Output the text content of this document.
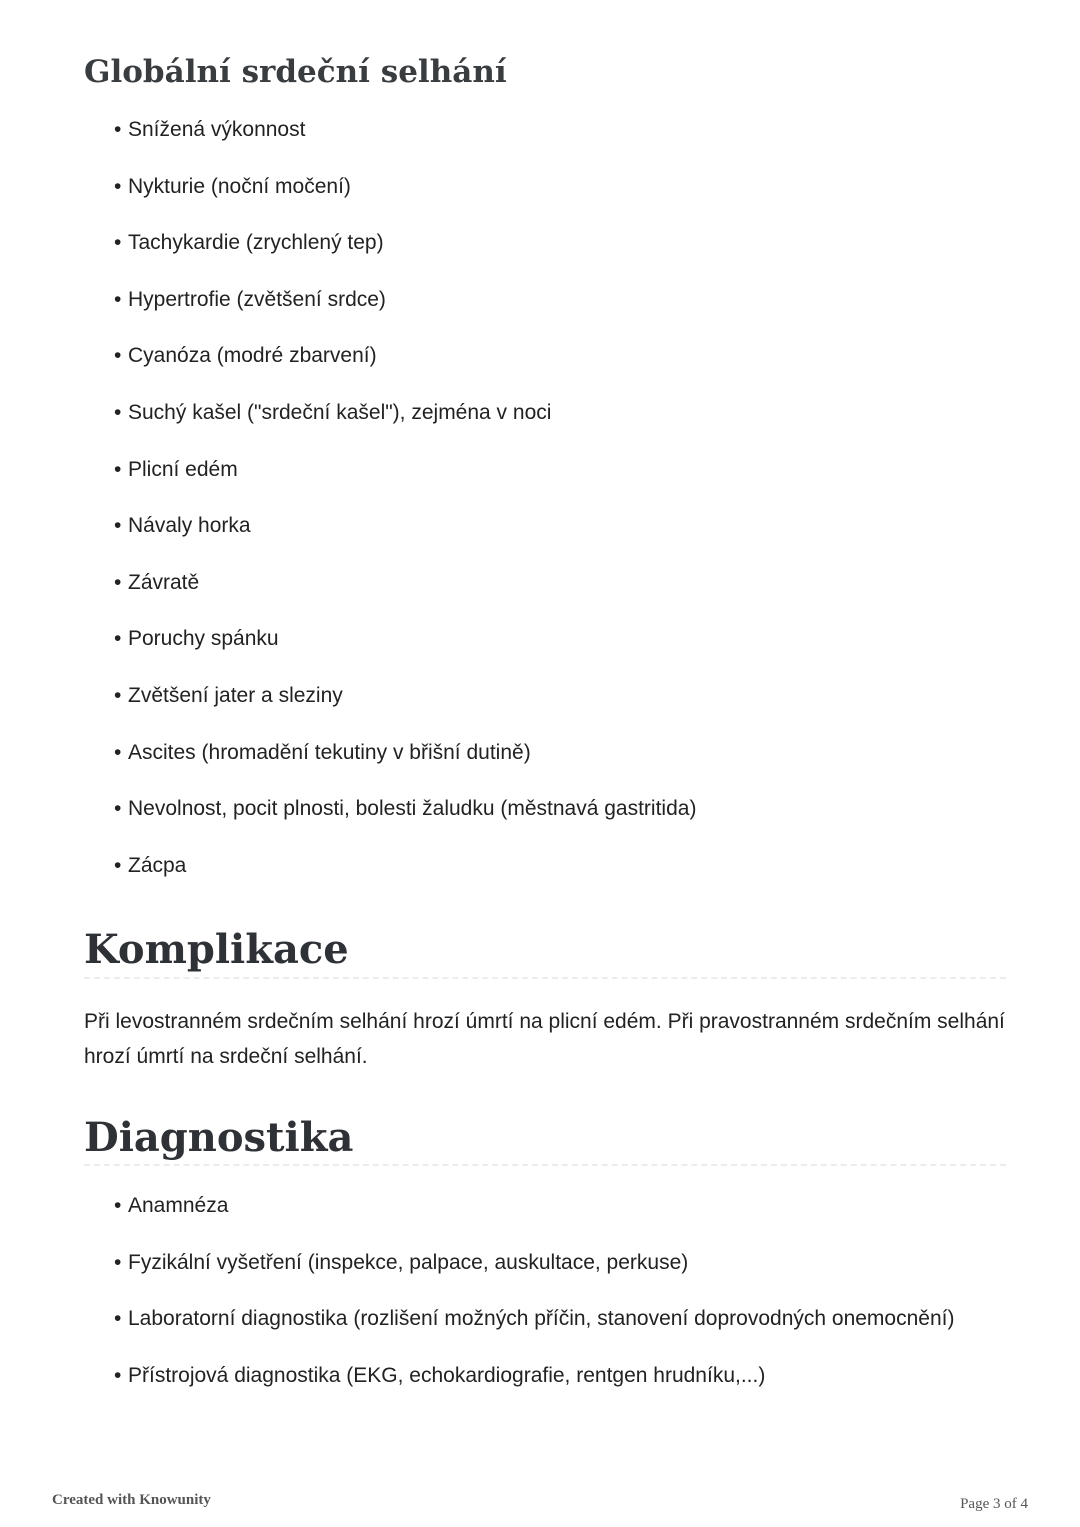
Globální srdeční selhání
• Snížená výkonnost
• Nykturie (noční močení)
• Tachykardie (zrychlený tep)
• Hypertrofie (zvětšení srdce)
• Cyanóza (modré zbarvení)
• Suchý kašel ("srdeční kašel"), zejména v noci
• Plicní edém
• Návaly horka
• Závratě
• Poruchy spánku
• Zvětšení jater a sleziny
• Ascites (hromadění tekutiny v břišní dutině)
• Nevolnost, pocit plnosti, bolesti žaludku (městnavá gastritida)
• Zácpa
Komplikace

Při levostranném srdečním selhání hrozí úmrtí na plicní edém. Při pravostranném srdečním selhání hrozí úmrtí na srdeční selhání.

Diagnostika
• Anamnéza
• Fyzikální vyšetření (inspekce, palpace, auskultace, perkuse)
• Laboratorní diagnostika (rozlišení možných příčin, stanovení doprovodných onemocnění)
• Přístrojová diagnostika (EKG, echokardiografie, rentgen hrudníku,...)
Created with Knowunity	Page 3 of 4
